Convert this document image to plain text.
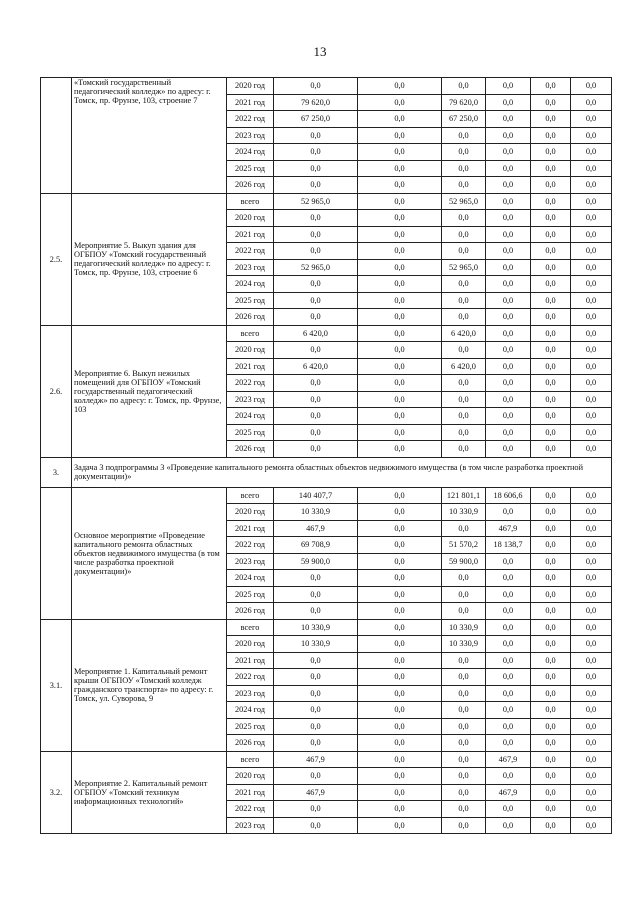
13
	«Томский государственный педагогический колледж» по адресу: г. Томск, пр. Фрунзе, 103, строение 7	2020 год	0,0	0,0	0,0	0,0	0,0	0,0
		2021 год	79 620,0	0,0	79 620,0	0,0	0,0	0,0
		2022 год	67 250,0	0,0	67 250,0	0,0	0,0	0,0
		2023 год	0,0	0,0	0,0	0,0	0,0	0,0
		2024 год	0,0	0,0	0,0	0,0	0,0	0,0
		2025 год	0,0	0,0	0,0	0,0	0,0	0,0
		2026 год	0,0	0,0	0,0	0,0	0,0	0,0
2.5.	Мероприятие 5. Выкуп здания для ОГБПОУ «Томский государственный педагогический колледж» по адресу: г. Томск, пр. Фрунзе, 103, строение 6	всего	52 965,0	0,0	52 965,0	0,0	0,0	0,0
		2020 год	0,0	0,0	0,0	0,0	0,0	0,0
		2021 год	0,0	0,0	0,0	0,0	0,0	0,0
		2022 год	0,0	0,0	0,0	0,0	0,0	0,0
		2023 год	52 965,0	0,0	52 965,0	0,0	0,0	0,0
		2024 год	0,0	0,0	0,0	0,0	0,0	0,0
		2025 год	0,0	0,0	0,0	0,0	0,0	0,0
		2026 год	0,0	0,0	0,0	0,0	0,0	0,0
2.6.	Мероприятие 6. Выкуп нежилых помещений для ОГБПОУ «Томский государственный педагогический колледж» по адресу: г. Томск, пр. Фрунзе, 103	всего	6 420,0	0,0	6 420,0	0,0	0,0	0,0
		2020 год	0,0	0,0	0,0	0,0	0,0	0,0
		2021 год	6 420,0	0,0	6 420,0	0,0	0,0	0,0
		2022 год	0,0	0,0	0,0	0,0	0,0	0,0
		2023 год	0,0	0,0	0,0	0,0	0,0	0,0
		2024 год	0,0	0,0	0,0	0,0	0,0	0,0
		2025 год	0,0	0,0	0,0	0,0	0,0	0,0
		2026 год	0,0	0,0	0,0	0,0	0,0	0,0
3.	Задача 3 подпрограммы 3 «Проведение капитального ремонта областных объектов недвижимого имущества (в том числе разработка проектной документации)»							
	Основное мероприятие «Проведение капитального ремонта областных объектов недвижимого имущества (в том числе разработка проектной документации)»	всего	140 407,7	0,0	121 801,1	18 606,6	0,0	0,0
		2020 год	10 330,9	0,0	10 330,9	0,0	0,0	0,0
		2021 год	467,9	0,0	0,0	467,9	0,0	0,0
		2022 год	69 708,9	0,0	51 570,2	18 138,7	0,0	0,0
		2023 год	59 900,0	0,0	59 900,0	0,0	0,0	0,0
		2024 год	0,0	0,0	0,0	0,0	0,0	0,0
		2025 год	0,0	0,0	0,0	0,0	0,0	0,0
		2026 год	0,0	0,0	0,0	0,0	0,0	0,0
3.1.	Мероприятие 1. Капитальный ремонт крыши ОГБПОУ «Томский колледж гражданского транспорта» по адресу: г. Томск, ул. Суворова, 9	всего	10 330,9	0,0	10 330,9	0,0	0,0	0,0
		2020 год	10 330,9	0,0	10 330,9	0,0	0,0	0,0
		2021 год	0,0	0,0	0,0	0,0	0,0	0,0
		2022 год	0,0	0,0	0,0	0,0	0,0	0,0
		2023 год	0,0	0,0	0,0	0,0	0,0	0,0
		2024 год	0,0	0,0	0,0	0,0	0,0	0,0
		2025 год	0,0	0,0	0,0	0,0	0,0	0,0
		2026 год	0,0	0,0	0,0	0,0	0,0	0,0
3.2.	Мероприятие 2. Капитальный ремонт ОГБПОУ «Томский техникум информационных технологий»	всего	467,9	0,0	0,0	467,9	0,0	0,0
		2020 год	0,0	0,0	0,0	0,0	0,0	0,0
		2021 год	467,9	0,0	0,0	467,9	0,0	0,0
		2022 год	0,0	0,0	0,0	0,0	0,0	0,0
		2023 год	0,0	0,0	0,0	0,0	0,0	0,0
